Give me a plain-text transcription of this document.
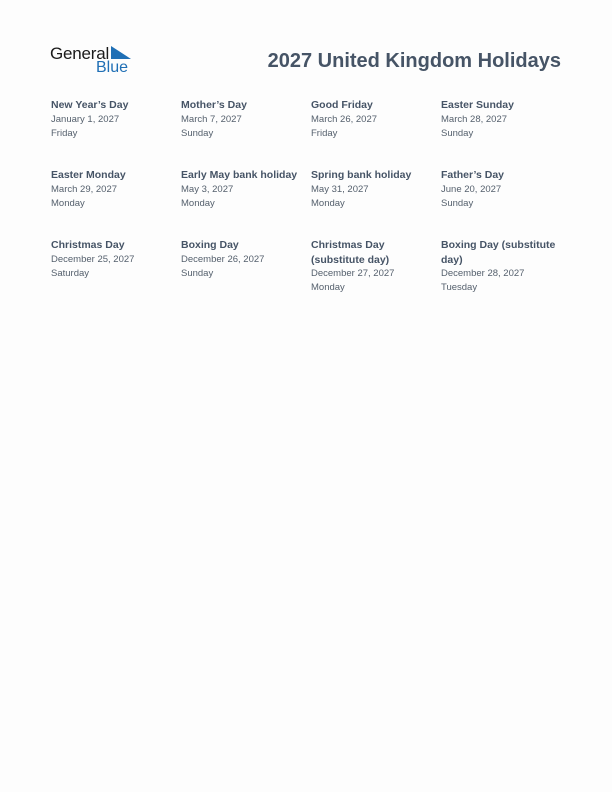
General
Blue	2027 United Kingdom Holidays
New Year’s Day
January 1, 2027
Friday
Mother’s Day
March 7, 2027
Sunday
Good Friday
March 26, 2027
Friday
Easter Sunday
March 28, 2027
Sunday
Easter Monday
March 29, 2027
Monday
Early May bank holiday
May 3, 2027
Monday
Spring bank holiday
May 31, 2027
Monday
Father’s Day
June 20, 2027
Sunday
Christmas Day
December 25, 2027
Saturday
Boxing Day
December 26, 2027
Sunday
Christmas Day (substitute day)
December 27, 2027
Monday
Boxing Day (substitute day)
December 28, 2027
Tuesday
